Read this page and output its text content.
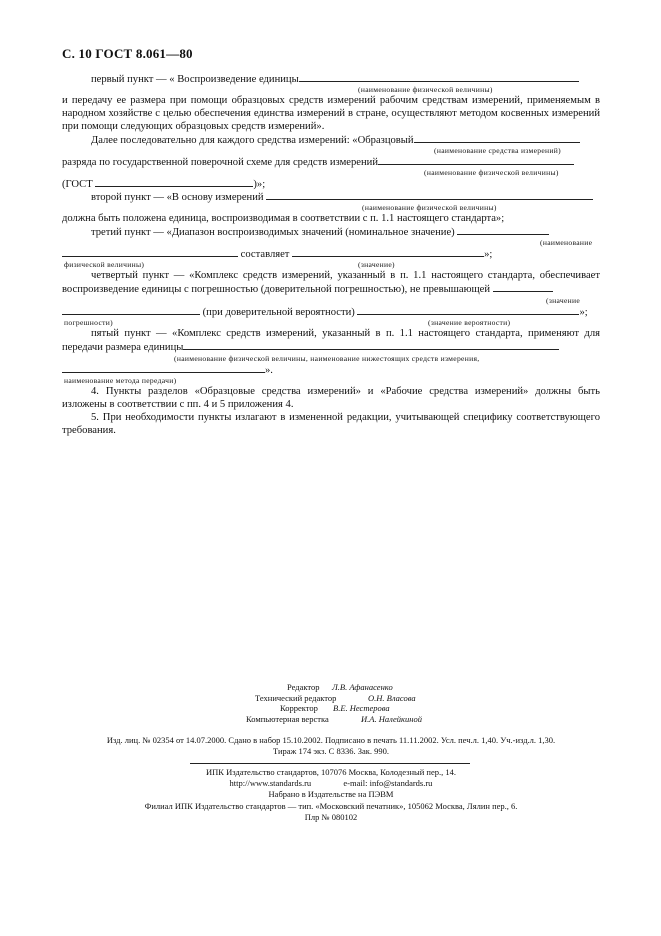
С. 10 ГОСТ 8.061—80
первый пункт — « Воспроизведение единицы
(наименование физической величины)
и передачу ее размера при помощи образцовых средств измерений рабочим средствам измерений, применяемым в народном хозяйстве с целью обеспечения единства измерений в стране, осуществляют методом косвенных измерений при помощи следующих образцовых средств измерений».
Далее последовательно для каждого средства измерений: «Образцовый
(наименование средства измерений)
разряда по государственной поверочной схеме для средств измерений
(наименование физической величины)
(ГОСТ	)»;
второй пункт — «В основу измерений
(наименование физической величины)
должна быть положена единица, воспроизводимая в соответствии с п. 1.1 настоящего стандарта»;
третий пункт — «Диапазон воспроизводимых значений (номинальное значение)
(наименование
составляет	»;
физической величины)	(значение)
четвертый пункт — «Комплекс средств измерений, указанный в п. 1.1 настоящего стандарта, обеспечивает воспроизведение единицы с погрешностью (доверительной погрешностью), не превышающей
(значение
(при доверительной вероятности)	»;
погрешности)	(значение вероятности)
пятый пункт — «Комплекс средств измерений, указанный в п. 1.1 настоящего стандарта, применяют для передачи размера единицы
(наименование физической величины, наименование нижестоящих средств измерения,
».
наименование метода передачи)
4. Пункты разделов «Образцовые средства измерений» и «Рабочие средства измерений» должны быть изложены в соответствии с пп. 4 и 5 приложения 4.
5. При необходимости пункты излагают в измененной редакции, учитывающей специфику соответствующего требования.
Редактор Л.В. Афанасенко
Технический редактор	О.Н. Власова
Корректор В.Е. Нестерова
Компьютерная верстка	И.А. Налейкиной
Изд. лиц. № 02354 от 14.07.2000. Сдано в набор 15.10.2002. Подписано в печать 11.11.2002. Усл. печ.л. 1,40. Уч.-изд.л. 1,30.
Тираж 174 экз. С 8336. Зак. 990.
ИПК Издательство стандартов, 107076 Москва, Колодезный пер., 14.
http://www.standards.ru	e-mail: info@standards.ru
Набрано в Издательстве на ПЭВМ
Филиал ИПК Издательство стандартов — тип. «Московский печатник», 105062 Москва, Лялин пер., 6.
Плр № 080102
